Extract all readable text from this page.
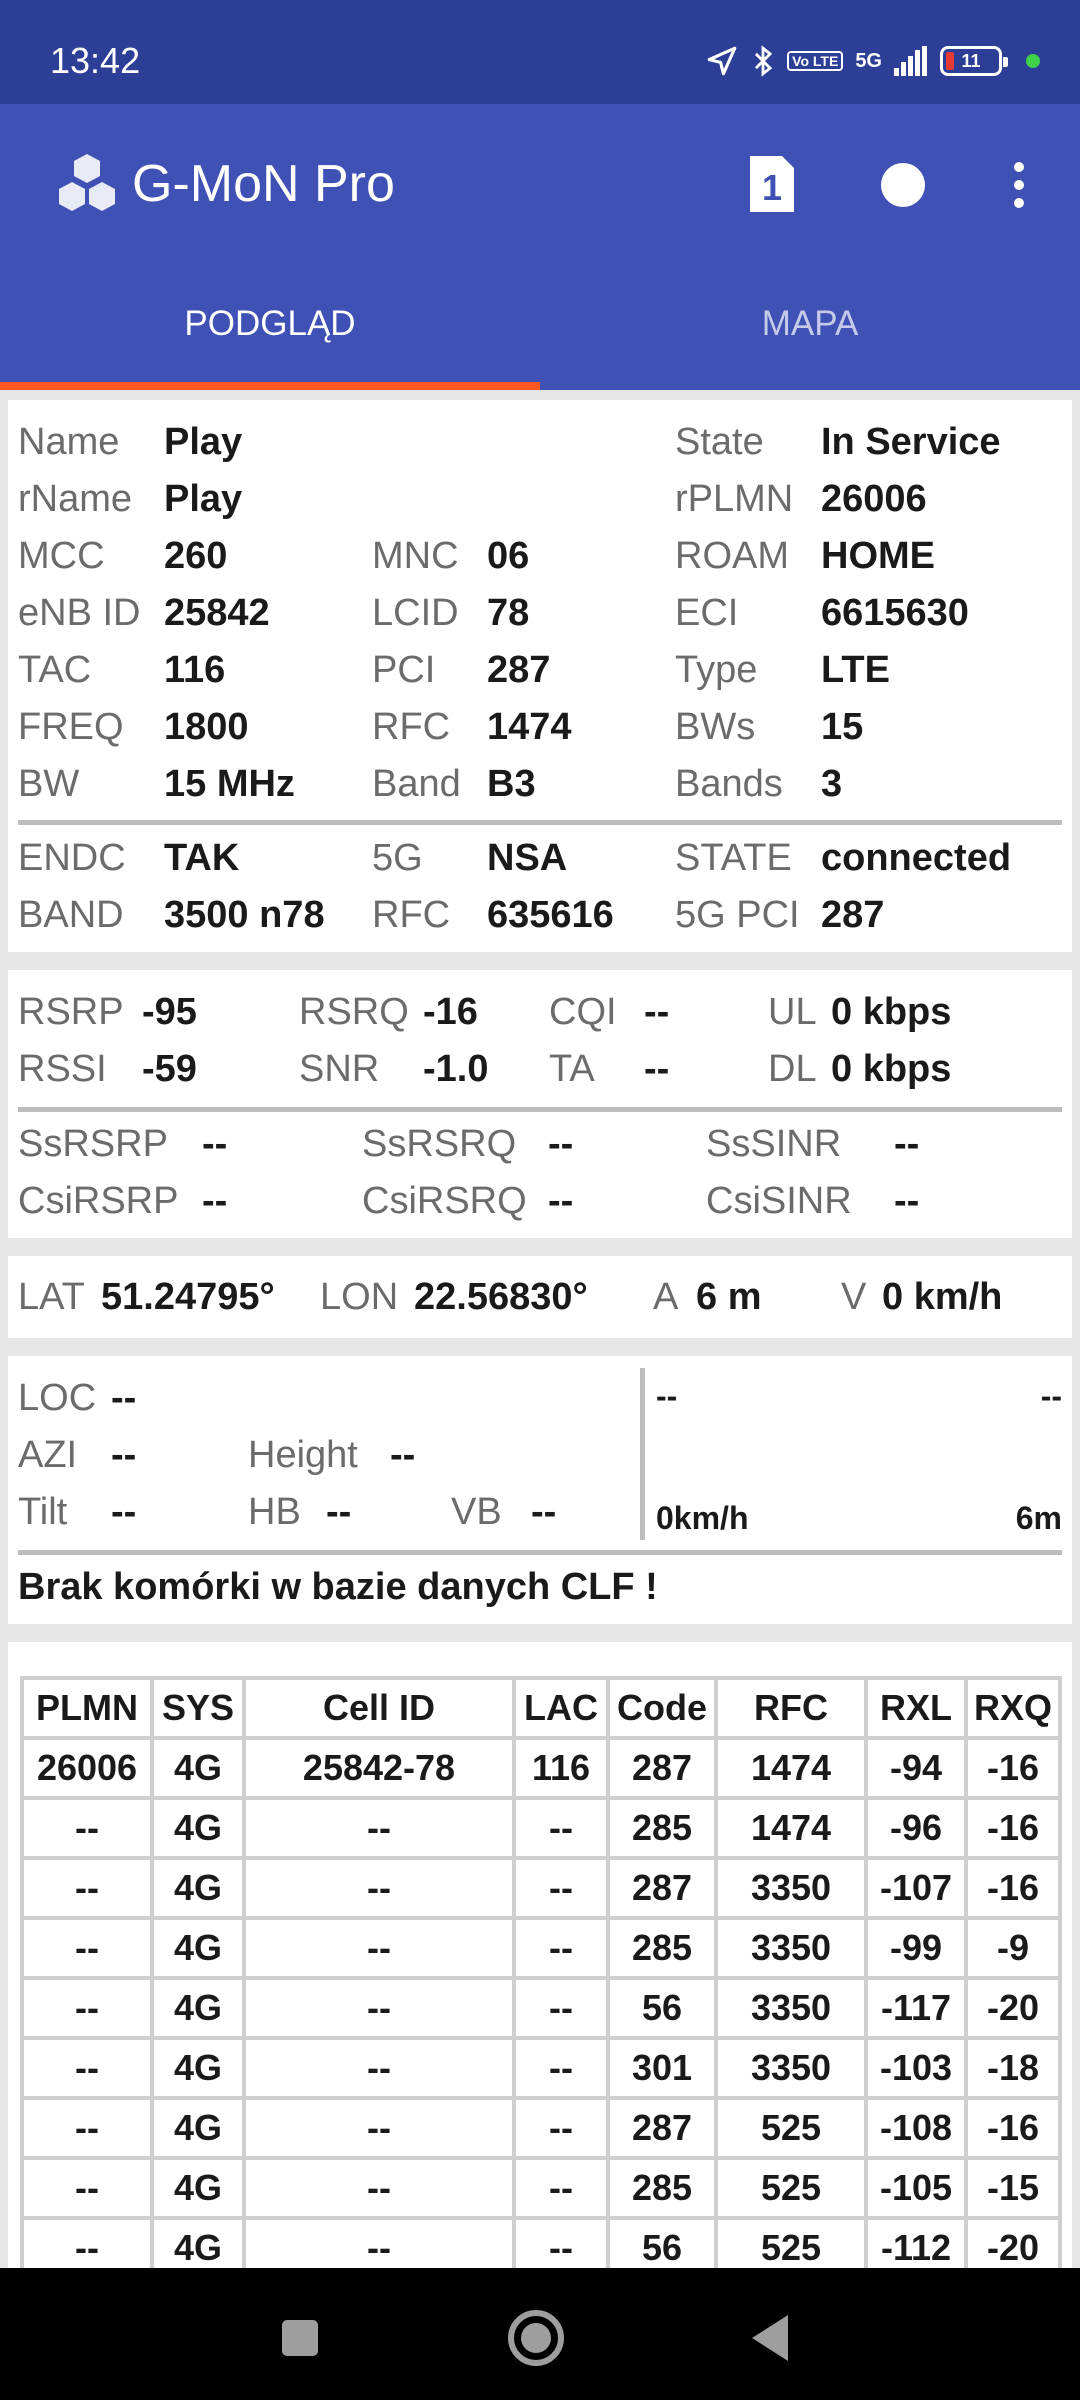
13:42	Vo LTE 5G	11
G-MoN Pro	1
PODGLĄD	MAPA
Name Play	State In Service
rName Play	rPLMN 26006
MCC 260	MNC 06	ROAM HOME
eNB ID 25842	LCID 78	ECI 6615630
TAC 116	PCI 287	Type LTE
FREQ 1800	RFC 1474	BWs 15
BW 15 MHz Band B3	Bands 3
ENDC TAK	5G NSA	STATE connected
BAND 3500 n78 RFC 635616 5G PCI 287
RSRP -95	RSRQ -16 CQI --	UL 0 kbps
RSSI -59	SNR -1.0 TA --	DL 0 kbps
SsRSRP --	SsRSRQ --	SsSINR --
CsiRSRP --	CsiRSRQ --	CsiSINR --
LAT 51.24795° LON 22.56830° A 6 m V 0 km/h
LOC --
AZI --	Height --
Tilt --	HB --	VB --
--	--
0km/h	6m
Brak komórki w bazie danych CLF !
PLMN	SYS	Cell ID	LAC	Code	RFC	RXL	RXQ
26006	4G	25842-78	116	287	1474	-94	-16
--	4G	--	--	285	1474	-96	-16
--	4G	--	--	287	3350	-107	-16
--	4G	--	--	285	3350	-99	-9
--	4G	--	--	56	3350	-117	-20
--	4G	--	--	301	3350	-103	-18
--	4G	--	--	287	525	-108	-16
--	4G	--	--	285	525	-105	-15
--	4G	--	--	56	525	-112	-20
